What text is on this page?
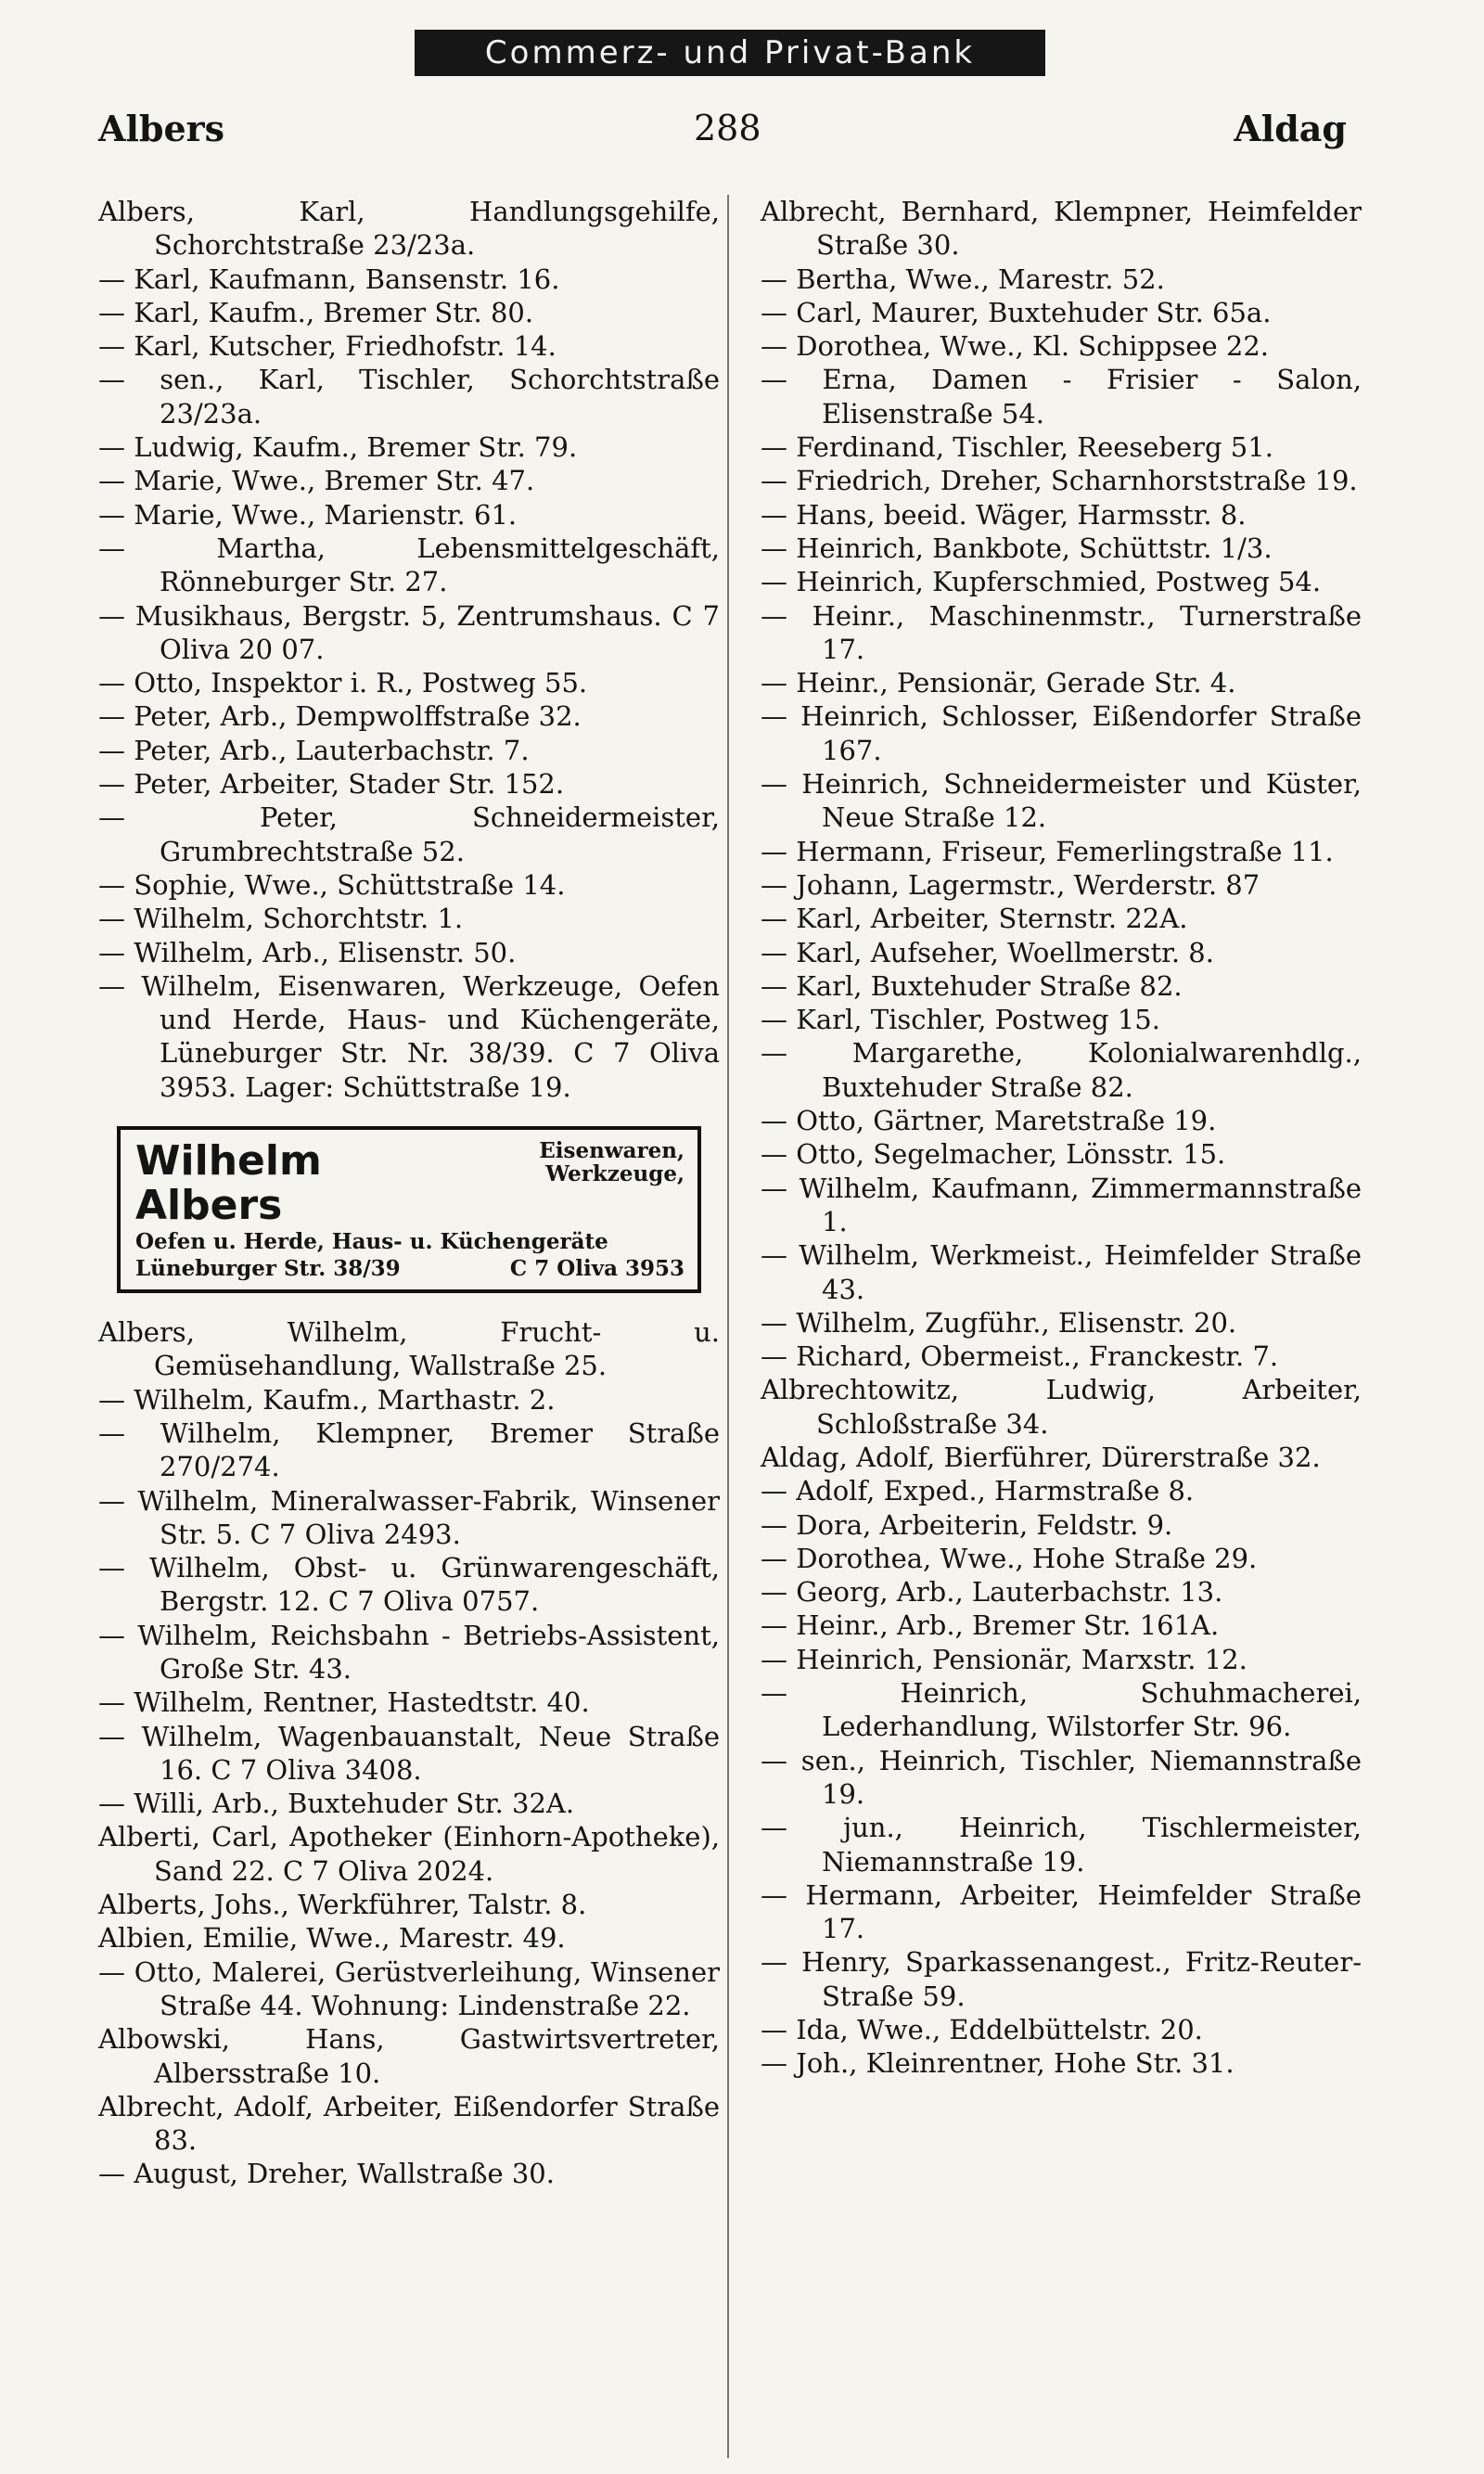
Commerz- und Privat-Bank
Albers	288	Aldag

Albers, Karl, Handlungsgehilfe, Schorchtstraße 23/23a.

— Karl, Kaufmann, Bansenstr. 16.

— Karl, Kaufm., Bremer Str. 80.

— Karl, Kutscher, Friedhofstr. 14.

— sen., Karl, Tischler, Schorchtstraße 23/23a.

— Ludwig, Kaufm., Bremer Str. 79.

— Marie, Wwe., Bremer Str. 47.

— Marie, Wwe., Marienstr. 61.

— Martha, Lebensmittelgeschäft, Rönneburger Str. 27.

— Musikhaus, Bergstr. 5, Zentrumshaus. C 7 Oliva 20 07.

— Otto, Inspektor i. R., Postweg 55.

— Peter, Arb., Dempwolffstraße 32.

— Peter, Arb., Lauterbachstr. 7.

— Peter, Arbeiter, Stader Str. 152.

— Peter, Schneidermeister, Grumbrechtstraße 52.

— Sophie, Wwe., Schüttstraße 14.

— Wilhelm, Schorchtstr. 1.

— Wilhelm, Arb., Elisenstr. 50.

— Wilhelm, Eisenwaren, Werkzeuge, Oefen und Herde, Haus- und Küchengeräte, Lüneburger Str. Nr. 38/39. C 7 Oliva 3953. Lager: Schüttstraße 19.

Wilhelm Albers
Eisenwaren, Werkzeuge,
Oefen u. Herde, Haus- u. Küchengeräte
Lüneburger Str. 38/39	C 7 Oliva 3953

Albers, Wilhelm, Frucht- u. Gemüsehandlung, Wallstraße 25.

— Wilhelm, Kaufm., Marthastr. 2.

— Wilhelm, Klempner, Bremer Straße 270/274.

— Wilhelm, Mineralwasser-Fabrik, Winsener Str. 5. C 7 Oliva 2493.

— Wilhelm, Obst- u. Grünwarengeschäft, Bergstr. 12. C 7 Oliva 0757.

— Wilhelm, Reichsbahn - Betriebs-Assistent, Große Str. 43.

— Wilhelm, Rentner, Hastedtstr. 40.

— Wilhelm, Wagenbauanstalt, Neue Straße 16. C 7 Oliva 3408.

— Willi, Arb., Buxtehuder Str. 32A.

Alberti, Carl, Apotheker (Einhorn-Apotheke), Sand 22. C 7 Oliva 2024.

Alberts, Johs., Werkführer, Talstr. 8.

Albien, Emilie, Wwe., Marestr. 49.

— Otto, Malerei, Gerüstverleihung, Winsener Straße 44. Wohnung: Lindenstraße 22.

Albowski, Hans, Gastwirtsvertreter, Albersstraße 10.

Albrecht, Adolf, Arbeiter, Eißendorfer Straße 83.

— August, Dreher, Wallstraße 30.

Albrecht, Bernhard, Klempner, Heimfelder Straße 30.

— Bertha, Wwe., Marestr. 52.

— Carl, Maurer, Buxtehuder Str. 65a.

— Dorothea, Wwe., Kl. Schippsee 22.

— Erna, Damen - Frisier - Salon, Elisenstraße 54.

— Ferdinand, Tischler, Reeseberg 51.

— Friedrich, Dreher, Scharnhorststraße 19.

— Hans, beeid. Wäger, Harmsstr. 8.

— Heinrich, Bankbote, Schüttstr. 1/3.

— Heinrich, Kupferschmied, Postweg 54.

— Heinr., Maschinenmstr., Turnerstraße 17.

— Heinr., Pensionär, Gerade Str. 4.

— Heinrich, Schlosser, Eißendorfer Straße 167.

— Heinrich, Schneidermeister und Küster, Neue Straße 12.

— Hermann, Friseur, Femerlingstraße 11.

— Johann, Lagermstr., Werderstr. 87

— Karl, Arbeiter, Sternstr. 22A.

— Karl, Aufseher, Woellmerstr. 8.

— Karl, Buxtehuder Straße 82.

— Karl, Tischler, Postweg 15.

— Margarethe, Kolonialwarenhdlg., Buxtehuder Straße 82.

— Otto, Gärtner, Maretstraße 19.

— Otto, Segelmacher, Lönsstr. 15.

— Wilhelm, Kaufmann, Zimmermannstraße 1.

— Wilhelm, Werkmeist., Heimfelder Straße 43.

— Wilhelm, Zugführ., Elisenstr. 20.

— Richard, Obermeist., Franckestr. 7.

Albrechtowitz, Ludwig, Arbeiter, Schloßstraße 34.

Aldag, Adolf, Bierführer, Dürerstraße 32.

— Adolf, Exped., Harmstraße 8.

— Dora, Arbeiterin, Feldstr. 9.

— Dorothea, Wwe., Hohe Straße 29.

— Georg, Arb., Lauterbachstr. 13.

— Heinr., Arb., Bremer Str. 161A.

— Heinrich, Pensionär, Marxstr. 12.

— Heinrich, Schuhmacherei, Lederhandlung, Wilstorfer Str. 96.

— sen., Heinrich, Tischler, Niemannstraße 19.

— jun., Heinrich, Tischlermeister, Niemannstraße 19.

— Hermann, Arbeiter, Heimfelder Straße 17.

— Henry, Sparkassenangest., Fritz-Reuter-Straße 59.

— Ida, Wwe., Eddelbüttelstr. 20.

— Joh., Kleinrentner, Hohe Str. 31.
